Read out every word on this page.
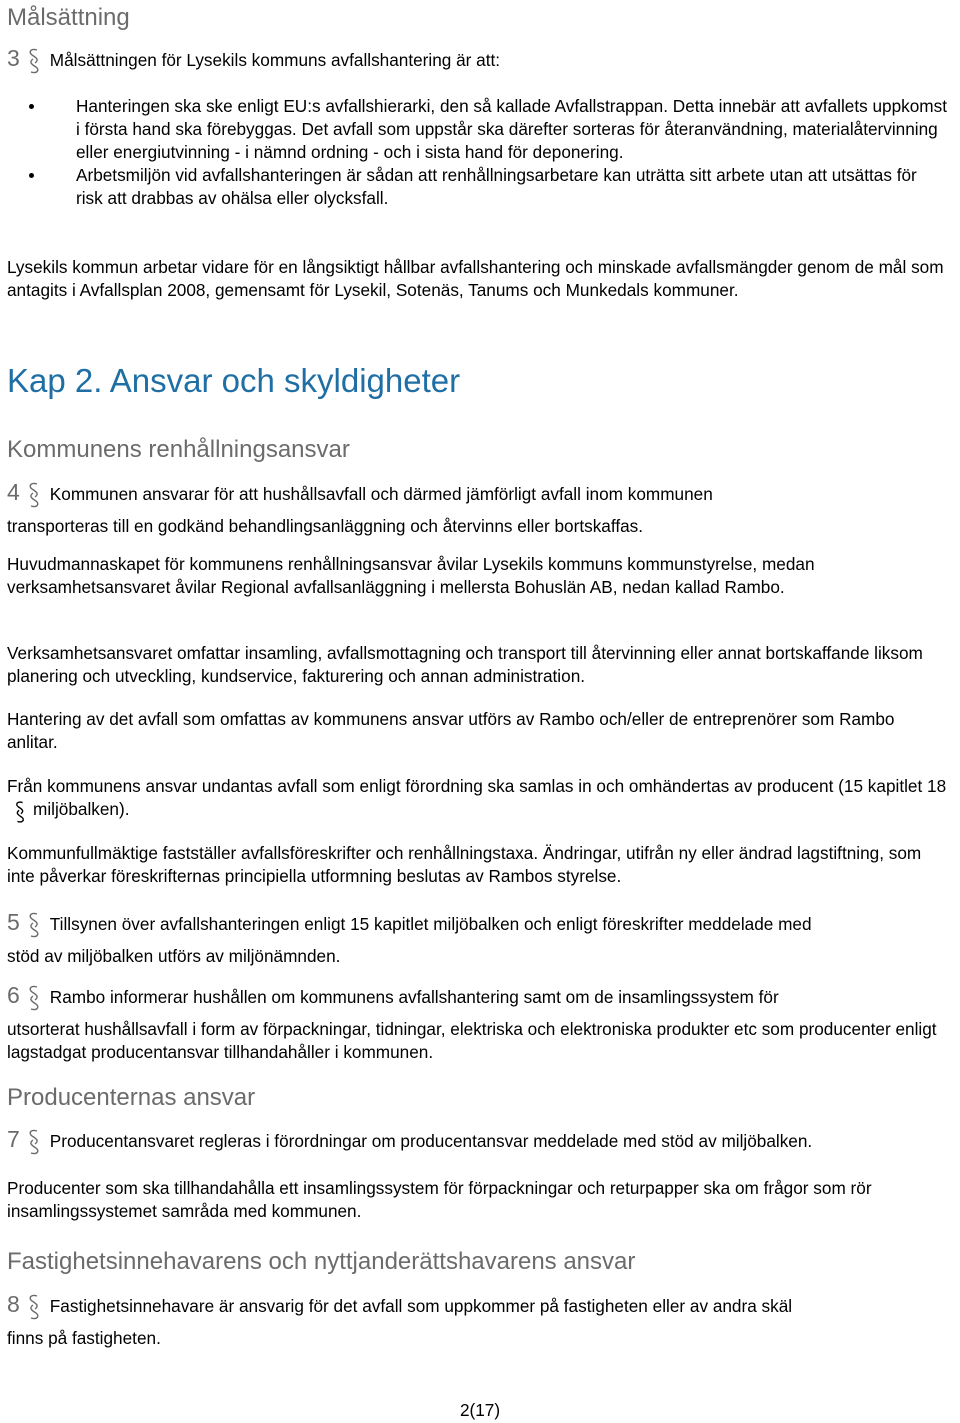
Målsättning
3 Målsättningen för Lysekils kommuns avfallshantering är att:
Hanteringen ska ske enligt EU:s avfallshierarki, den så kallade Avfallstrappan. Detta innebär att avfallets uppkomst i första hand ska förebyggas. Det avfall som uppstår ska därefter sorteras för återanvändning, materialåtervinning eller energiutvinning - i nämnd ordning - och i sista hand för deponering.
Arbetsmiljön vid avfallshanteringen är sådan att renhållningsarbetare kan uträtta sitt arbete utan att utsättas för risk att drabbas av ohälsa eller olycksfall.
Lysekils kommun arbetar vidare för en långsiktigt hållbar avfallshantering och minskade avfallsmängder genom de mål som antagits i Avfallsplan 2008, gemensamt för Lysekil, Sotenäs, Tanums och Munkedals kommuner.
Kap 2. Ansvar och skyldigheter
Kommunens renhållningsansvar
4 Kommunen ansvarar för att hushållsavfall och därmed jämförligt avfall inom kommunen
transporteras till en godkänd behandlingsanläggning och återvinns eller bortskaffas.
Huvudmannaskapet för kommunens renhållningsansvar åvilar Lysekils kommuns kommunstyrelse, medan verksamhetsansvaret åvilar Regional avfallsanläggning i mellersta Bohuslän AB, nedan kallad Rambo.
Verksamhetsansvaret omfattar insamling, avfallsmottagning och transport till återvinning eller annat bortskaffande liksom planering och utveckling, kundservice, fakturering och annan administration.
Hantering av det avfall som omfattas av kommunens ansvar utförs av Rambo och/eller de entreprenörer som Rambo anlitar.
Från kommunens ansvar undantas avfall som enligt förordning ska samlas in och omhändertas av producent (15 kapitlet 18miljöbalken).
Kommunfullmäktige fastställer avfallsföreskrifter och renhållningstaxa. Ändringar, utifrån ny eller ändrad lagstiftning, som inte påverkar föreskrifternas principiella utformning beslutas av Rambos styrelse.
5 Tillsynen över avfallshanteringen enligt 15 kapitlet miljöbalken och enligt föreskrifter meddelade med
stöd av miljöbalken utförs av miljönämnden.
6 Rambo informerar hushållen om kommunens avfallshantering samt om de insamlingssystem för
utsorterat hushållsavfall i form av förpackningar, tidningar, elektriska och elektroniska produkter etc som producenter enligt lagstadgat producentansvar tillhandahåller i kommunen.
Producenternas ansvar
7 Producentansvaret regleras i förordningar om producentansvar meddelade med stöd av miljöbalken.
Producenter som ska tillhandahålla ett insamlingssystem för förpackningar och returpapper ska om frågor som rör insamlingssystemet samråda med kommunen.
Fastighetsinnehavarens och nyttjanderättshavarens ansvar
8 Fastighetsinnehavare är ansvarig för det avfall som uppkommer på fastigheten eller av andra skäl
finns på fastigheten.
2(17)
